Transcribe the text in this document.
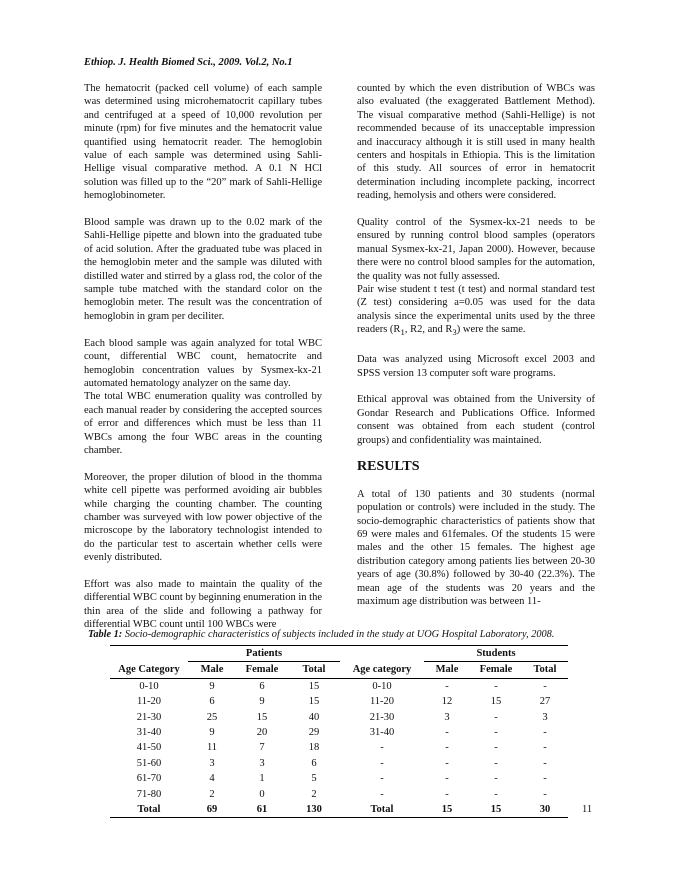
Ethiop. J. Health Biomed Sci., 2009. Vol.2, No.1

The hematocrit (packed cell volume) of each sample was determined using microhematocrit capillary tubes and centrifuged at a speed of 10,000 revolution per minute (rpm) for five minutes and the hematocrit value quantified using hematocrit reader. The hemoglobin value of each sample was determined using Sahli-Hellige visual comparative method. A 0.1 N HCl solution was filled up to the “20” mark of Sahli-Hellige hemoglobinometer.

Blood sample was drawn up to the 0.02 mark of the Sahli-Hellige pipette and blown into the graduated tube of acid solution. After the graduated tube was placed in the hemoglobin meter and the sample was diluted with distilled water and stirred by a glass rod, the color of the sample tube matched with the standard color on the hemoglobin meter. The result was the concentration of hemoglobin in gram per deciliter.

Each blood sample was again analyzed for total WBC count, differential WBC count, hematocrite and hemoglobin concentration values by Sysmex-kx-21 automated hematology analyzer on the same day.

The total WBC enumeration quality was controlled by each manual reader by considering the accepted sources of error and differences which must be less than 11 WBCs among the four WBC areas in the counting chamber.

Moreover, the proper dilution of blood in the thomma white cell pipette was performed avoiding air bubbles while charging the counting chamber. The counting chamber was surveyed with low power objective of the microscope by the laboratory technologist intended to do the particular test to ascertain whether cells were evenly distributed.

Effort was also made to maintain the quality of the differential WBC count by beginning enumeration in the thin area of the slide and following a pathway for differential WBC count until 100 WBCs were

counted by which the even distribution of WBCs was also evaluated (the exaggerated Battlement Method). The visual comparative method (Sahli-Hellige) is not recommended because of its unacceptable impression and inaccuracy although it is still used in many health centers and hospitals in Ethiopia. This is the limitation of this study. All sources of error in hematocrit determination including incomplete packing, incorrect reading, hemolysis and others were considered.

Quality control of the Sysmex-kx-21 needs to be ensured by running control blood samples (operators manual Sysmex-kx-21, Japan 2000). However, because there were no control blood samples for the automation, the quality was not fully assessed.

Pair wise student t test (t test) and normal standard test (Z test) considering a=0.05 was used for the data analysis since the experimental units used by the three readers ($R_1$, R2, and $R_3$) were the same.

Data was analyzed using Microsoft excel 2003 and SPSS version 13 computer soft ware programs.

Ethical approval was obtained from the University of Gondar Research and Publications Office. Informed consent was obtained from each student (control groups) and confidentiality was maintained.

RESULTS

A total of 130 patients and 30 students (normal population or controls) were included in the study. The socio-demographic characteristics of patients show that 69 were males and 61females. Of the students 15 were males and the other 15 females. The highest age distribution category among patients lies between 20-30 years of age (30.8%) followed by 30-40 (22.3%). The mean age of the students was 20 years and the maximum age distribution was between 11-

Table 1: Socio-demographic characteristics of subjects included in the study at UOG Hospital Laboratory, 2008.
	Patients				Students		
Age Category	Male	Female	Total	Age category	Male	Female	Total
0-10	9	6	15	0-10	-	-	-
11-20	6	9	15	11-20	12	15	27
21-30	25	15	40	21-30	3	-	3
31-40	9	20	29	31-40	-	-	-
41-50	11	7	18	-	-	-	-
51-60	3	3	6	-	-	-	-
61-70	4	1	5	-	-	-	-
71-80	2	0	2	-	-	-	-
Total	69	61	130	Total	15	15	30	11
